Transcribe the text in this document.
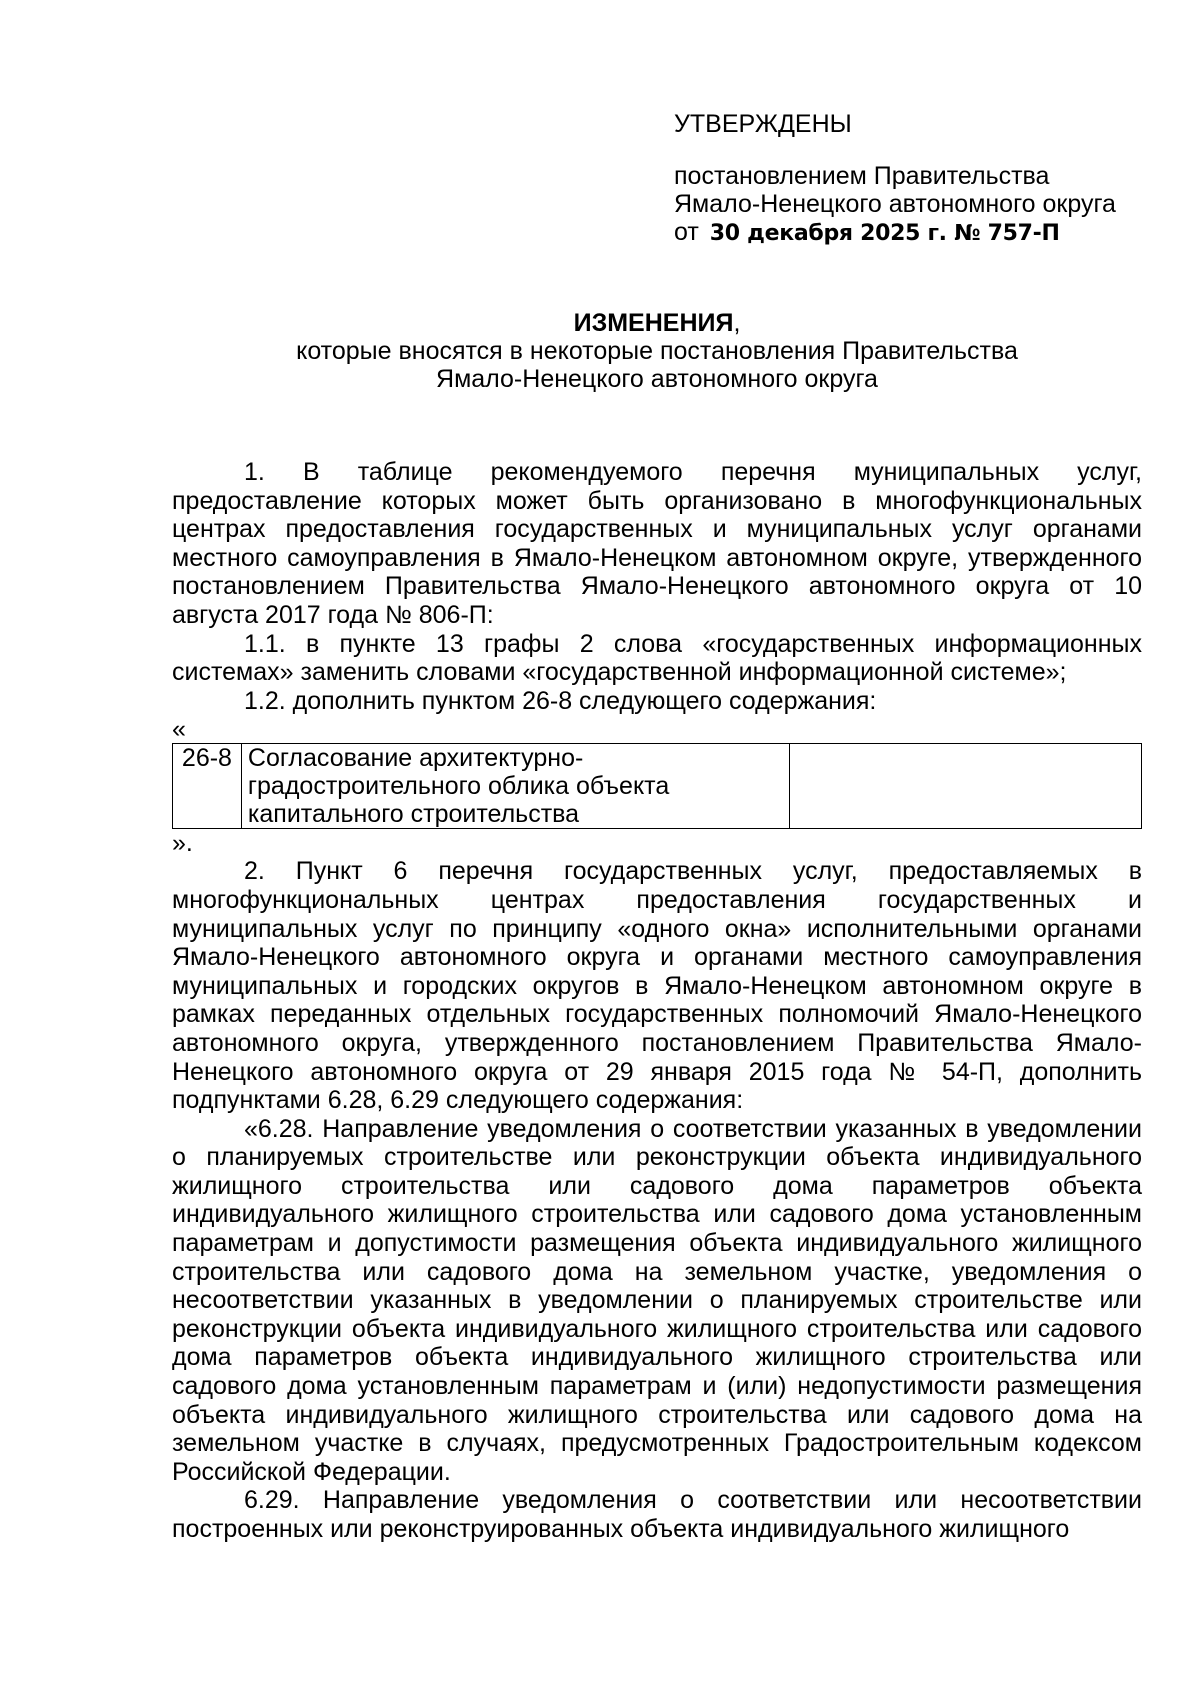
УТВЕРЖДЕНЫ
постановлением Правительства
Ямало-Ненецкого автономного округа
от 30 декабря 2025 г. № 757-П
ИЗМЕНЕНИЯ,
которые вносятся в некоторые постановления Правительства
Ямало-Ненецкого автономного округа

1. В таблице рекомендуемого перечня муниципальных услуг, предоставление которых может быть организовано в многофункциональных центрах предоставления государственных и муниципальных услуг органами местного самоуправления в Ямало-Ненецком автономном округе, утвержденного постановлением Правительства Ямало-Ненецкого автономного округа от 10 августа 2017 года № 806-П:

1.1. в пункте 13 графы 2 слова «государственных информационных системах» заменить словами «государственной информационной системе»;

1.2. дополнить пунктом 26-8 следующего содержания:

«

26-8	Согласование архитектурно-градостроительного облика объекта капитального строительства	

».

2. Пункт 6 перечня государственных услуг, предоставляемых в многофункциональных центрах предоставления государственных и муниципальных услуг по принципу «одного окна» исполнительными органами Ямало-Ненецкого автономного округа и органами местного самоуправления муниципальных и городских округов в Ямало-Ненецком автономном округе в рамках переданных отдельных государственных полномочий Ямало-Ненецкого автономного округа, утвержденного постановлением Правительства Ямало-Ненецкого автономного округа от 29 января 2015 года № 54-П, дополнить подпунктами 6.28, 6.29 следующего содержания:

«6.28. Направление уведомления о соответствии указанных в уведомлении о планируемых строительстве или реконструкции объекта индивидуального жилищного строительства или садового дома параметров объекта индивидуального жилищного строительства или садового дома установленным параметрам и допустимости размещения объекта индивидуального жилищного строительства или садового дома на земельном участке, уведомления о несоответствии указанных в уведомлении о планируемых строительстве или реконструкции объекта индивидуального жилищного строительства или садового дома параметров объекта индивидуального жилищного строительства или садового дома установленным параметрам и (или) недопустимости размещения объекта индивидуального жилищного строительства или садового дома на земельном участке в случаях, предусмотренных Градостроительным кодексом Российской Федерации.

6.29. Направление уведомления о соответствии или несоответствии построенных или реконструированных объекта индивидуального жилищного
